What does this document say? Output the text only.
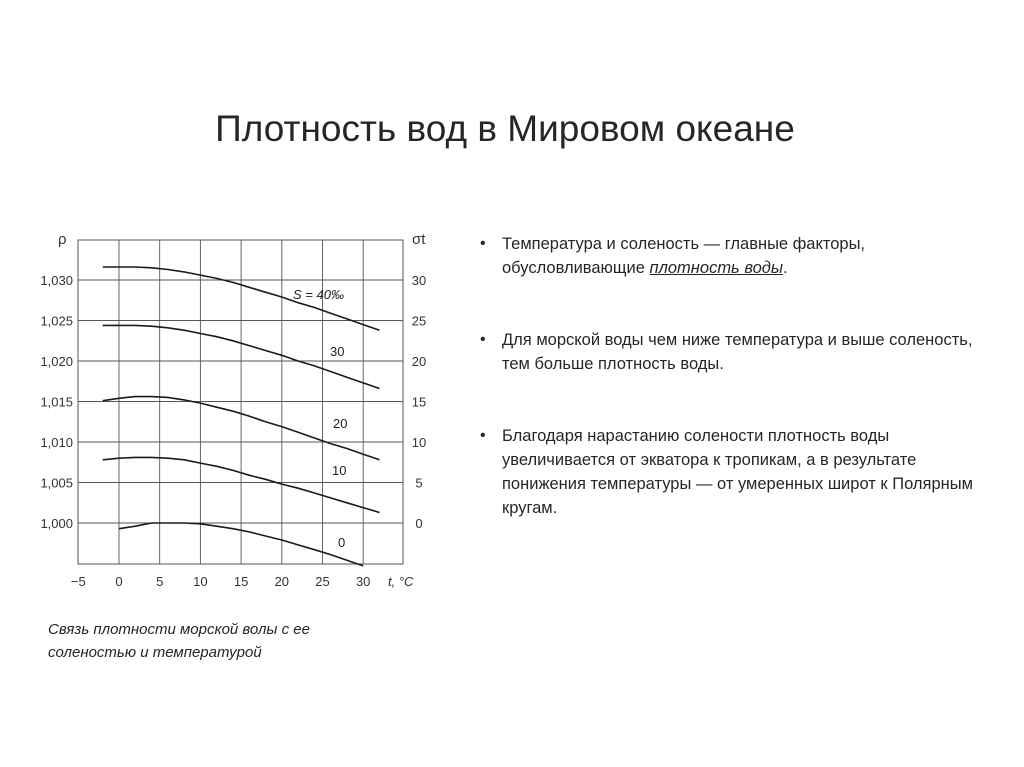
Плотность вод в Мировом океане
−5 0	5 10 15 20 25 30
1,000	0
1,005	5
1,010	10
1,015	15
1,020	20
1,025	25
1,030	30
ρ	σt
t, °C
S = 40‰
30
20
10
0
Связь плотности морской волы с ее соленостью и температурой
• Температура и соленость — главные факторы, обусловливающие плотность воды.
• Для морской воды чем ниже температура и выше соленость, тем больше плотность воды.
• Благодаря нарастанию солености плотность воды увеличивается от экватора к тропикам, а в результате понижения температуры — от умеренных широт к Полярным кругам.
